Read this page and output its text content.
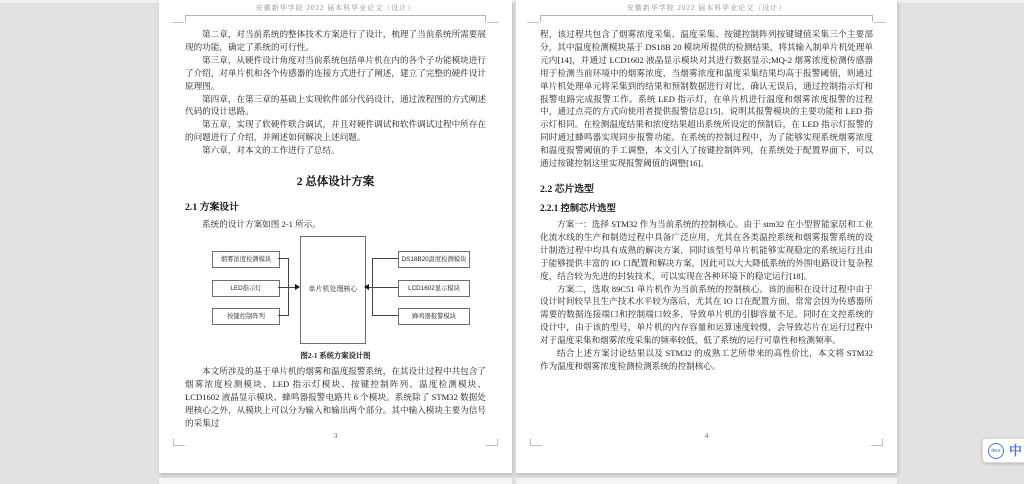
安徽新华学院 2022 届本科毕业论文（设计）

第二章，对当前系统的整体技术方案进行了设计，梳理了当前系统所需要展现的功能，确定了系统的可行性。

第三章，从硬件设计角度对当前系统包括单片机在内的各个子功能模块进行了介绍，对单片机和各个传感器的连接方式进行了阐述，建立了完整的硬件设计原理图。

第四章，在第三章的基础上实现软件部分代码设计，通过流程图的方式阐述代码的设计思路。

第五章，实现了软硬件联合调试，并且对硬件调试和软件调试过程中所存在的问题进行了介绍，并阐述如何解决上述问题。

第六章，对本文的工作进行了总结。

2 总体设计方案
2.1 方案设计

系统的设计方案如图 2-1 所示。

烟雾浓度检测模块
LED指示灯
按键控制阵列
单片机处理核心
DS18B20温度检测模块
LCD1602显示模块
蜂鸣器报警模块
图2-1 系统方案设计图

本文所涉及的基于单片机的烟雾和温度报警系统，在其设计过程中共包含了烟雾浓度检测模块、LED 指示灯模块、按键控制阵列、温度检测模块、LCD1602 液晶显示模块、蜂鸣器报警电路共 6 个模块。系统除了 STM32 数据处理核心之外，从模块上可以分为输入和输出两个部分。其中输入模块主要为信号的采集过

3
安徽新华学院 2022 届本科毕业论文（设计）

程，该过程共包含了烟雾浓度采集、温度采集、按键控制阵列按键键值采集三个主要部分，其中温度检测模块基于 DS18B 20 模块所提供的检测结果，将其输入制单片机处理单元内[14]，并通过 LCD1602 液晶显示模块对其进行数据显示;MQ-2 烟雾浓度检测传感器用于检测当前环境中的烟雾浓度，当烟雾浓度和温度采集结果均高于报警阈值，则通过单片机处理单元将采集到的结果和预制数据进行对比，确认无误后，通过控制指示灯和报警电路完成报警工作。系统 LED 指示灯，在单片机进行温度和烟雾浓度报警的过程中，通过点亮的方式向使用者提供报警信息[15]。说明其报警模块的主要功能和 LED 指示灯相同。在检测温度结果和浓度结果超出系统所设定的预制后，在 LED 指示灯报警的同时通过蜂鸣器实现同步报警功能。在系统的控制过程中，为了能够实现系统烟雾浓度和温度报警阈值的手工调整，本文引入了按键控制阵列，在系统处于配置界面下，可以通过按键控制这里实现报警阈值的调整[16]。

2.2 芯片选型
2.2.1 控制芯片选型

方案一：选择 STM32 作为当前系统的控制核心。由于 stm32 在小型智能家居和工业化流水线的生产和制造过程中具备广泛应用，尤其在各类温控系统和烟雾报警系统的设计制造过程中均具有成熟的解决方案，同时该型号单片机能够实现稳定的系统运行且由于能够提供丰富的 IO 口配置和解决方案，因此可以大大降低系统的外围电路设计复杂程度，结合较为先进的封装技术，可以实现在各种环境下的稳定运行[18]。

方案二，选取 89C51 单片机作为当前系统的控制核心。该的面积在设计过程中由于设计时间较早且生产技术水平较为落后，尤其在 IO 口在配置方面，常常会因为传感器所需要的数据连接端口和控制端口较多，导致单片机的引脚容量不足。同时在文控系统的设计中，由于该的型号，单片机的内存容量和运算速度较慢，会导致芯片在运行过程中对于温度采集和烟雾浓度采集的频率较低，低了系统的运行可靠性和检测频率。

结合上述方案讨论结果以及 STM32 的成熟工艺所带来的高性价比，本文将 STM32 作为温度和烟雾浓度检测检测系统的控制核心。

4
iFLY 中
